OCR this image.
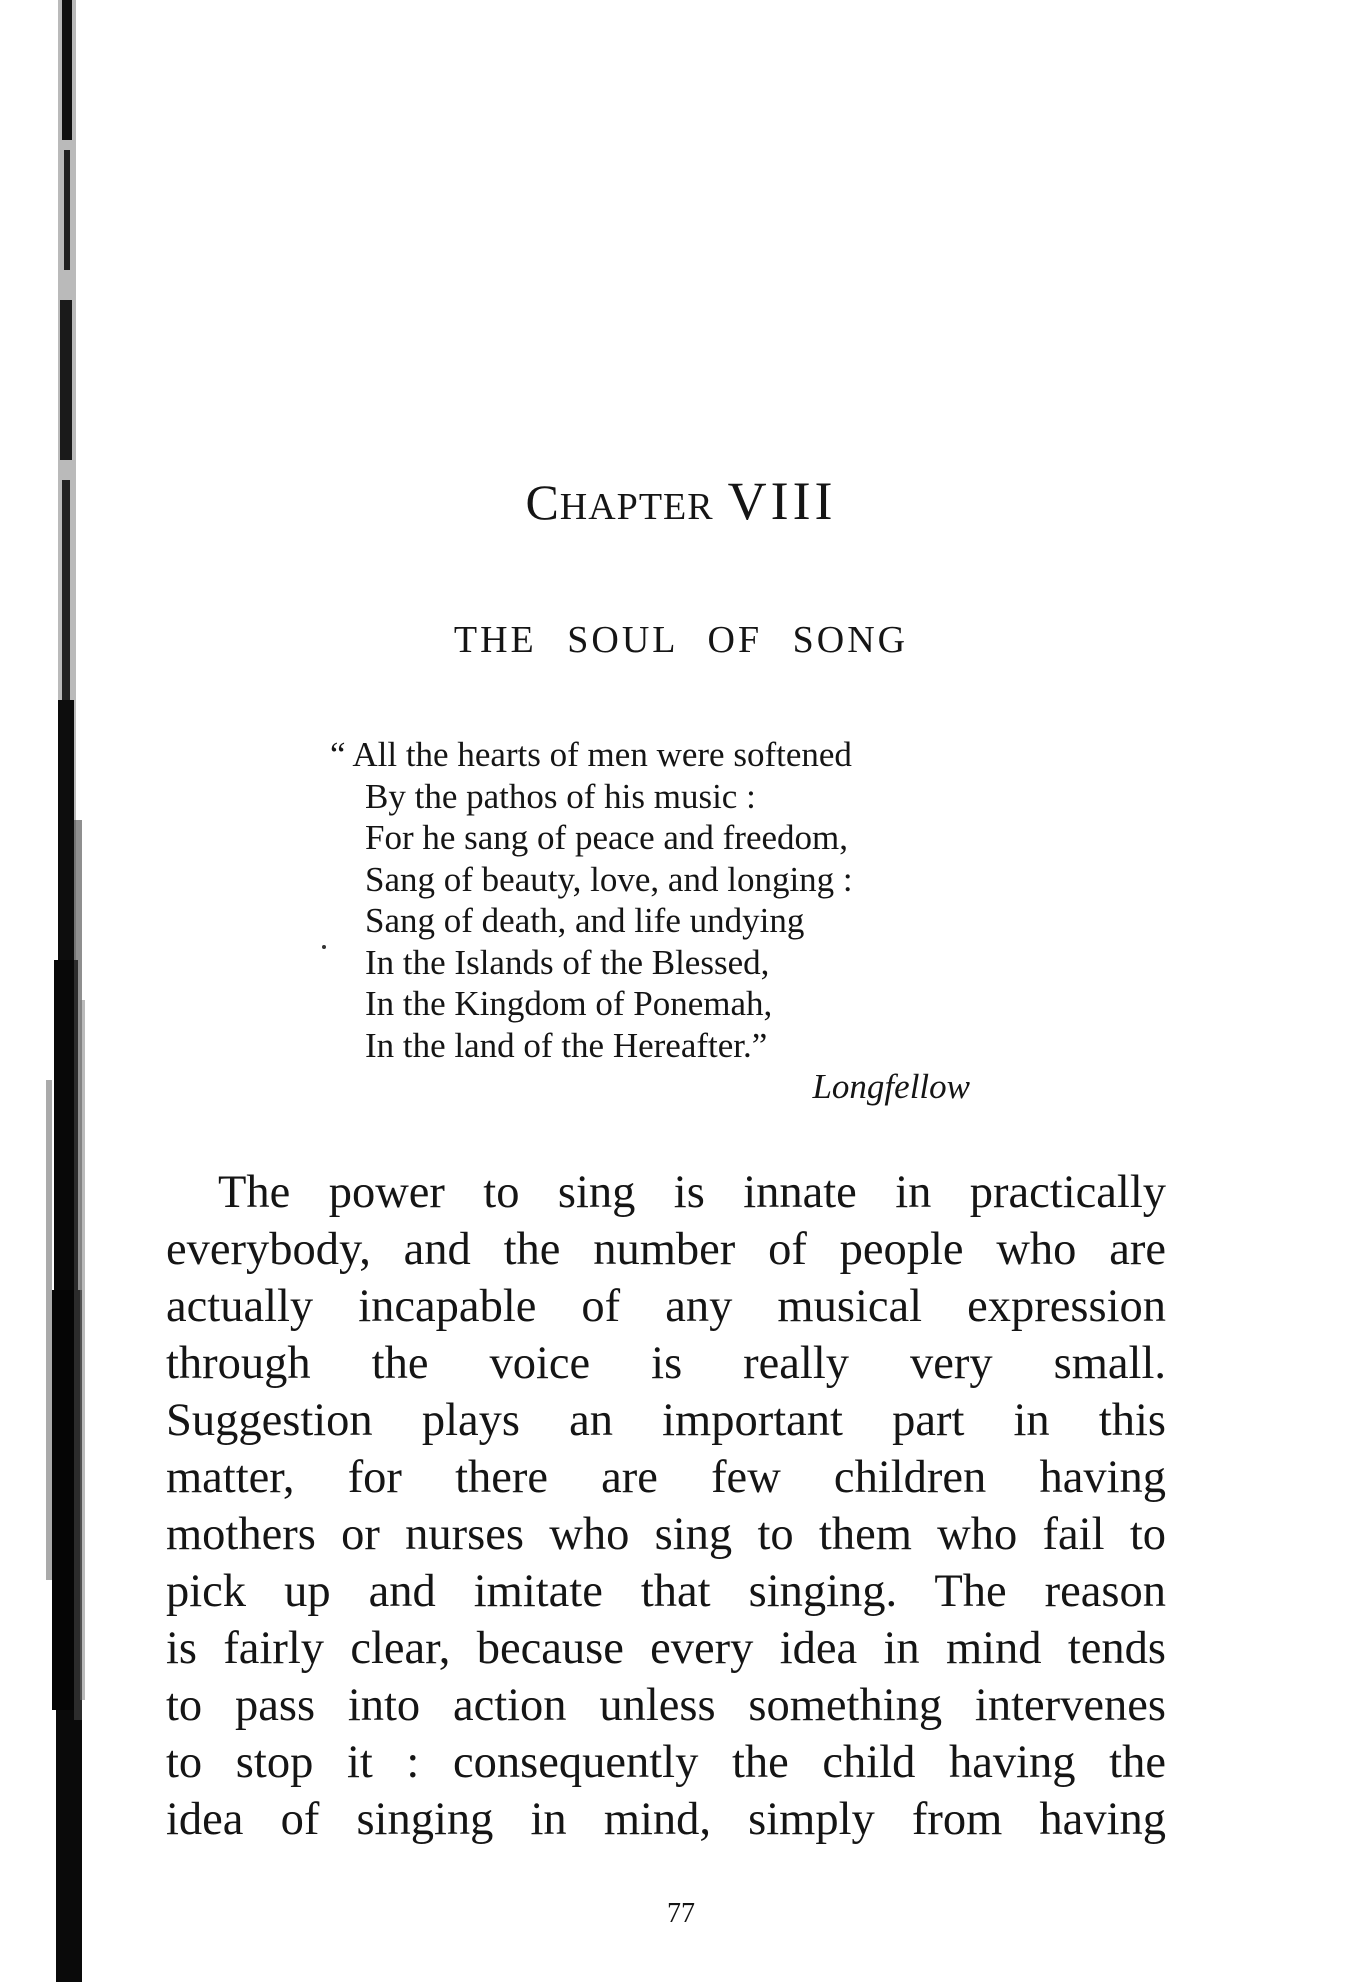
CHAPTER VIII
THE SOUL OF SONG
“ All the hearts of men were softened
By the pathos of his music :
For he sang of peace and freedom,
Sang of beauty, love, and longing :
Sang of death, and life undying
In the Islands of the Blessed,
In the Kingdom of Ponemah,
In the land of the Hereafter.”
Longfellow
The power to sing is innate in practically
everybody, and the number of people who are
actually incapable of any musical expression
through the voice is really very small.
Suggestion plays an important part in this
matter, for there are few children having
mothers or nurses who sing to them who fail to
pick up and imitate that singing. The reason
is fairly clear, because every idea in mind tends
to pass into action unless something intervenes
to stop it : consequently the child having the
idea of singing in mind, simply from having
77
